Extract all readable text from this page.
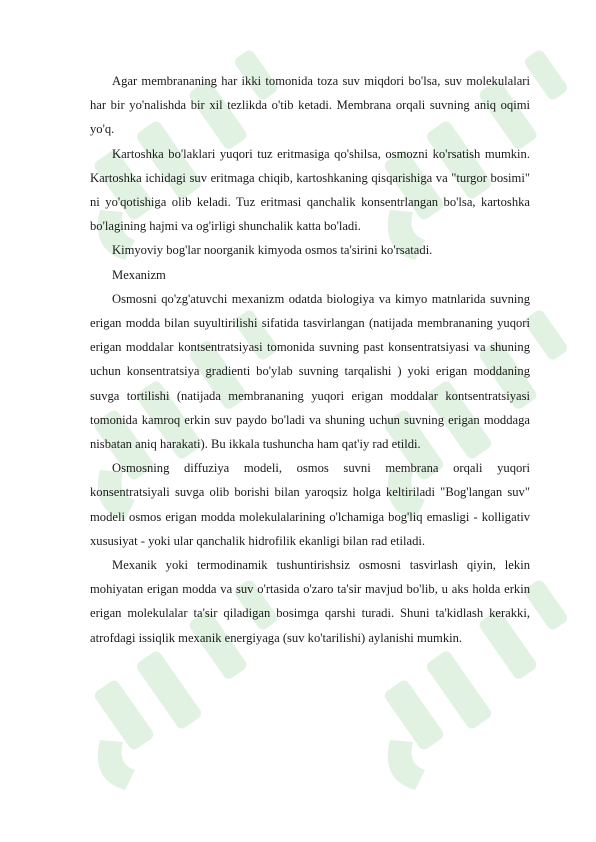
Agar membrananing har ikki tomonida toza suv miqdori bo'lsa, suv molekulalari har bir yo'nalishda bir xil tezlikda o'tib ketadi. Membrana orqali suvning aniq oqimi yo'q.

Kartoshka bo'laklari yuqori tuz eritmasiga qo'shilsa, osmozni ko'rsatish mumkin. Kartoshka ichidagi suv eritmaga chiqib, kartoshkaning qisqarishiga va "turgor bosimi" ni yo'qotishiga olib keladi. Tuz eritmasi qanchalik konsentrlangan bo'lsa, kartoshka bo'lagining hajmi va og'irligi shunchalik katta bo'ladi.

Kimyoviy bog'lar noorganik kimyoda osmos ta'sirini ko'rsatadi.

Mexanizm

Osmosni qo'zg'atuvchi mexanizm odatda biologiya va kimyo matnlarida suvning erigan modda bilan suyultirilishi sifatida tasvirlangan (natijada membrananing yuqori erigan moddalar kontsentratsiyasi tomonida suvning past konsentratsiyasi va shuning uchun konsentratsiya gradienti bo'ylab suvning tarqalishi ) yoki erigan moddaning suvga tortilishi (natijada membrananing yuqori erigan moddalar kontsentratsiyasi tomonida kamroq erkin suv paydo bo'ladi va shuning uchun suvning erigan moddaga nisbatan aniq harakati). Bu ikkala tushuncha ham qat'iy rad etildi.

Osmosning diffuziya modeli, osmos suvni membrana orqali yuqori konsentratsiyali suvga olib borishi bilan yaroqsiz holga keltiriladi "Bog'langan suv" modeli osmos erigan modda molekulalarining o'lchamiga bog'liq emasligi - kolligativ xususiyat - yoki ular qanchalik hidrofilik ekanligi bilan rad etiladi.

Mexanik yoki termodinamik tushuntirishsiz osmosni tasvirlash qiyin, lekin mohiyatan erigan modda va suv o'rtasida o'zaro ta'sir mavjud bo'lib, u aks holda erkin erigan molekulalar ta'sir qiladigan bosimga qarshi turadi. Shuni ta'kidlash kerakki, atrofdagi issiqlik mexanik energiyaga (suv ko'tarilishi) aylanishi mumkin.
